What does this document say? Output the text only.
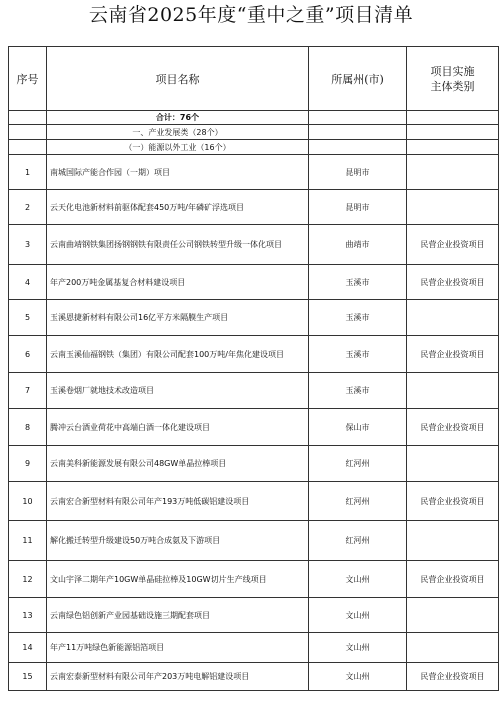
云南省2025年度“重中之重”项目清单
序号	项目名称	所属州(市)	项目实施
主体类别
	合计：76个		
	一、产业发展类（28个）		
	（一）能源以外工业（16个）		
1	南城国际产能合作园（一期）项目	昆明市	
2	云天化电池新材料前驱体配套450万吨/年磷矿浮选项目	昆明市	
3	云南曲靖钢铁集团扬钢钢铁有限责任公司钢铁转型升级一体化项目	曲靖市	民营企业投资项目
4	年产200万吨金属基复合材料建设项目	玉溪市	民营企业投资项目
5	玉溪恩捷新材料有限公司16亿平方米隔膜生产项目	玉溪市	
6	云南玉溪仙福钢铁（集团）有限公司配套100万吨/年焦化建设项目	玉溪市	民营企业投资项目
7	玉溪卷烟厂就地技术改造项目	玉溪市	
8	腾冲云台酒业荷花中高端白酒一体化建设项目	保山市	民营企业投资项目
9	云南美科新能源发展有限公司48GW单晶拉棒项目	红河州	
10	云南宏合新型材料有限公司年产193万吨低碳铝建设项目	红河州	民营企业投资项目
11	解化搬迁转型升级建设50万吨合成氨及下游项目	红河州	
12	文山宇泽二期年产10GW单晶硅拉棒及10GW切片生产线项目	文山州	民营企业投资项目
13	云南绿色铝创新产业园基础设施三期配套项目	文山州	
14	年产11万吨绿色新能源铝箔项目	文山州	
15	云南宏泰新型材料有限公司年产203万吨电解铝建设项目	文山州	民营企业投资项目
